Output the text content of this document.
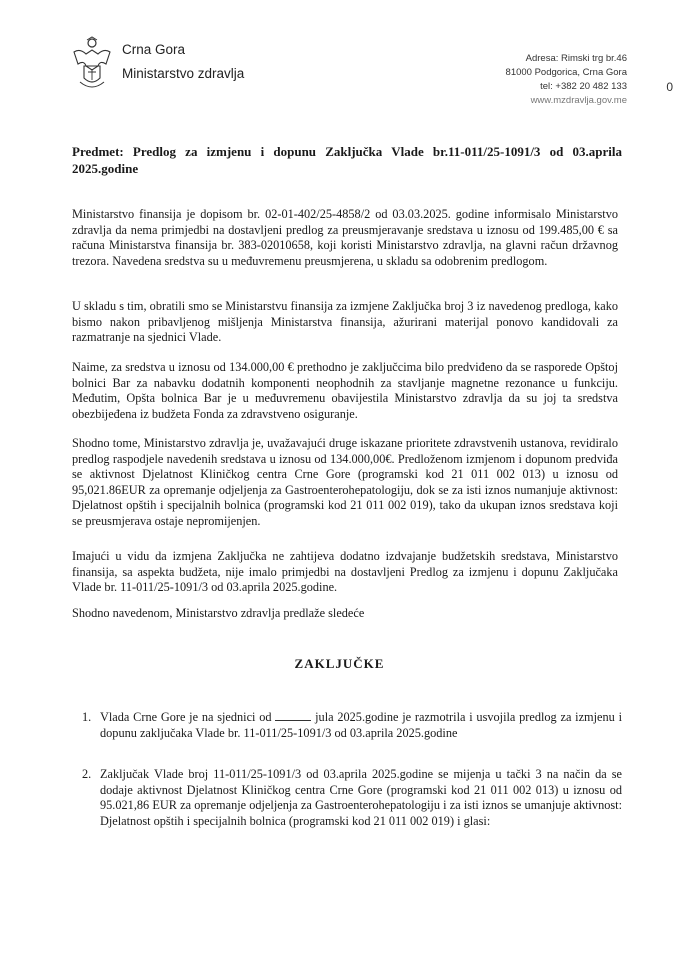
Crna Gora
Ministarstvo zdravlja
Adresa: Rimski trg br.46
81000 Podgorica, Crna Gora
tel: +382 20 482 133
www.mzdravlja.gov.me
0
Predmet: Predlog za izmjenu i dopunu Zaključka Vlade br.11-011/25-1091/3 od 03.aprila 2025.godine
Ministarstvo finansija je dopisom br. 02-01-402/25-4858/2 od 03.03.2025. godine informisalo Ministarstvo zdravlja da nema primjedbi na dostavljeni predlog za preusmjeravanje sredstava u iznosu od 199.485,00 € sa računa Ministarstva finansija br. 383-02010658, koji koristi Ministarstvo zdravlja, na glavni račun državnog trezora. Navedena sredstva su u međuvremenu preusmjerena, u skladu sa odobrenim predlogom.
U skladu s tim, obratili smo se Ministarstvu finansija za izmjene Zaključka broj 3 iz navedenog predloga, kako bismo nakon pribavljenog mišljenja Ministarstva finansija, ažurirani materijal ponovo kandidovali za razmatranje na sjednici Vlade.
Naime, za sredstva u iznosu od 134.000,00 € prethodno je zaključcima bilo predviđeno da se rasporede Opštoj bolnici Bar za nabavku dodatnih komponenti neophodnih za stavljanje magnetne rezonance u funkciju. Međutim, Opšta bolnica Bar je u međuvremenu obavijestila Ministarstvo zdravlja da su joj ta sredstva obezbijeđena iz budžeta Fonda za zdravstveno osiguranje.
Shodno tome, Ministarstvo zdravlja je, uvažavajući druge iskazane prioritete zdravstvenih ustanova, revidiralo predlog raspodjele navedenih sredstava u iznosu od 134.000,00€. Predloženom izmjenom i dopunom predviđa se aktivnost Djelatnost Kliničkog centra Crne Gore (programski kod 21 011 002 013) u iznosu od 95,021.86EUR za opremanje odjeljenja za Gastroenterohepatologiju, dok se za isti iznos numanjuje aktivnost: Djelatnost opštih i specijalnih bolnica (programski kod 21 011 002 019), tako da ukupan iznos sredstava koji se preusmjerava ostaje nepromijenjen.
Imajući u vidu da izmjena Zaključka ne zahtijeva dodatno izdvajanje budžetskih sredstava, Ministarstvo finansija, sa aspekta budžeta, nije imalo primjedbi na dostavljeni Predlog za izmjenu i dopunu Zaključaka Vlade br. 11-011/25-1091/3 od 03.aprila 2025.godine.
Shodno navedenom, Ministarstvo zdravlja predlaže sledeće
ZAKLJUČKE
1. Vlada Crne Gore je na sjednici od	jula 2025.godine je razmotrila i usvojila predlog za izmjenu i dopunu zaključaka Vlade br. 11-011/25-1091/3 od 03.aprila 2025.godine
2. Zaključak Vlade broj 11-011/25-1091/3 od 03.aprila 2025.godine se mijenja u tački 3 na način da se dodaje aktivnost Djelatnost Kliničkog centra Crne Gore (programski kod 21 011 002 013) u iznosu od 95.021,86 EUR za opremanje odjeljenja za Gastroenterohepatologiju i za isti iznos se umanjuje aktivnost: Djelatnost opštih i specijalnih bolnica (programski kod 21 011 002 019) i glasi:
